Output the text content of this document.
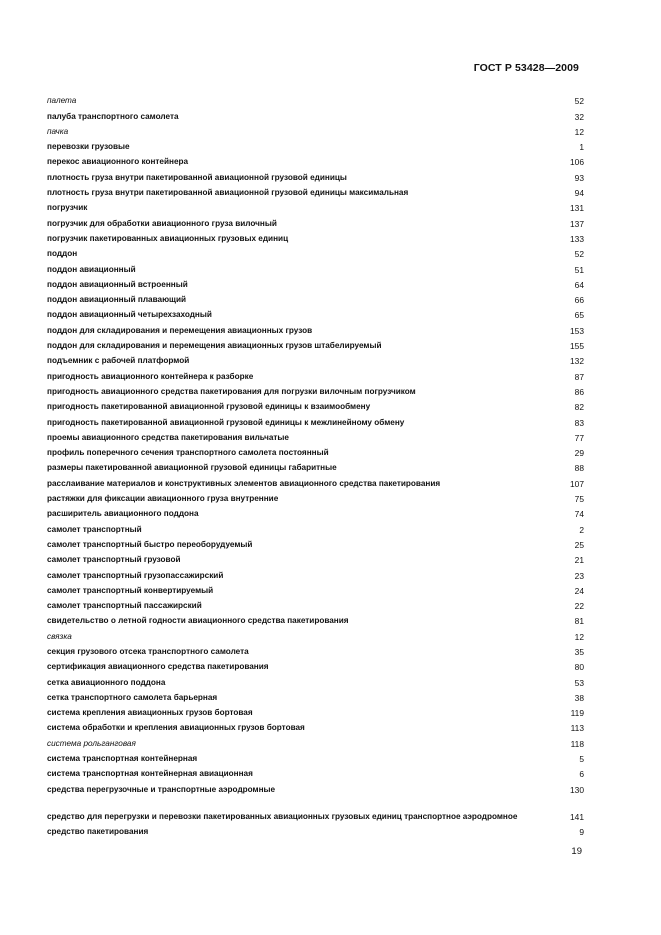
ГОСТ Р 53428—2009
палета	52
палуба транспортного самолета	32
пачка	12
перевозки грузовые	1
перекос авиационного контейнера	106
плотность груза внутри пакетированной авиационной грузовой единицы	93
плотность груза внутри пакетированной авиационной грузовой единицы максимальная	94
погрузчик	131
погрузчик для обработки авиационного груза вилочный	137
погрузчик пакетированных авиационных грузовых единиц	133
поддон	52
поддон авиационный	51
поддон авиационный встроенный	64
поддон авиационный плавающий	66
поддон авиационный четырехзаходный	65
поддон для складирования и перемещения авиационных грузов	153
поддон для складирования и перемещения авиационных грузов штабелируемый	155
подъемник с рабочей платформой	132
пригодность авиационного контейнера к разборке	87
пригодность авиационного средства пакетирования для погрузки вилочным погрузчиком	86
пригодность пакетированной авиационной грузовой единицы к взаимообмену	82
пригодность пакетированной авиационной грузовой единицы к межлинейному обмену	83
проемы авиационного средства пакетирования вильчатые	77
профиль поперечного сечения транспортного самолета постоянный	29
размеры пакетированной авиационной грузовой единицы габаритные	88
расслаивание материалов и конструктивных элементов авиационного средства пакетирования	107
растяжки для фиксации авиационного груза внутренние	75
расширитель авиационного поддона	74
самолет транспортный	2
самолет транспортный быстро переоборудуемый	25
самолет транспортный грузовой	21
самолет транспортный грузопассажирский	23
самолет транспортный конвертируемый	24
самолет транспортный пассажирский	22
свидетельство о летной годности авиационного средства пакетирования	81
связка	12
секция грузового отсека транспортного самолета	35
сертификация авиационного средства пакетирования	80
сетка авиационного поддона	53
сетка транспортного самолета барьерная	38
система крепления авиационных грузов бортовая	119
система обработки и крепления авиационных грузов бортовая	113
система рольганговая	118
система транспортная контейнерная	5
система транспортная контейнерная авиационная	6
средства перегрузочные и транспортные аэродромные	130
средство для перегрузки и перевозки пакетированных авиационных грузовых единиц транспортное аэродромное	141
средство пакетирования	9
19
